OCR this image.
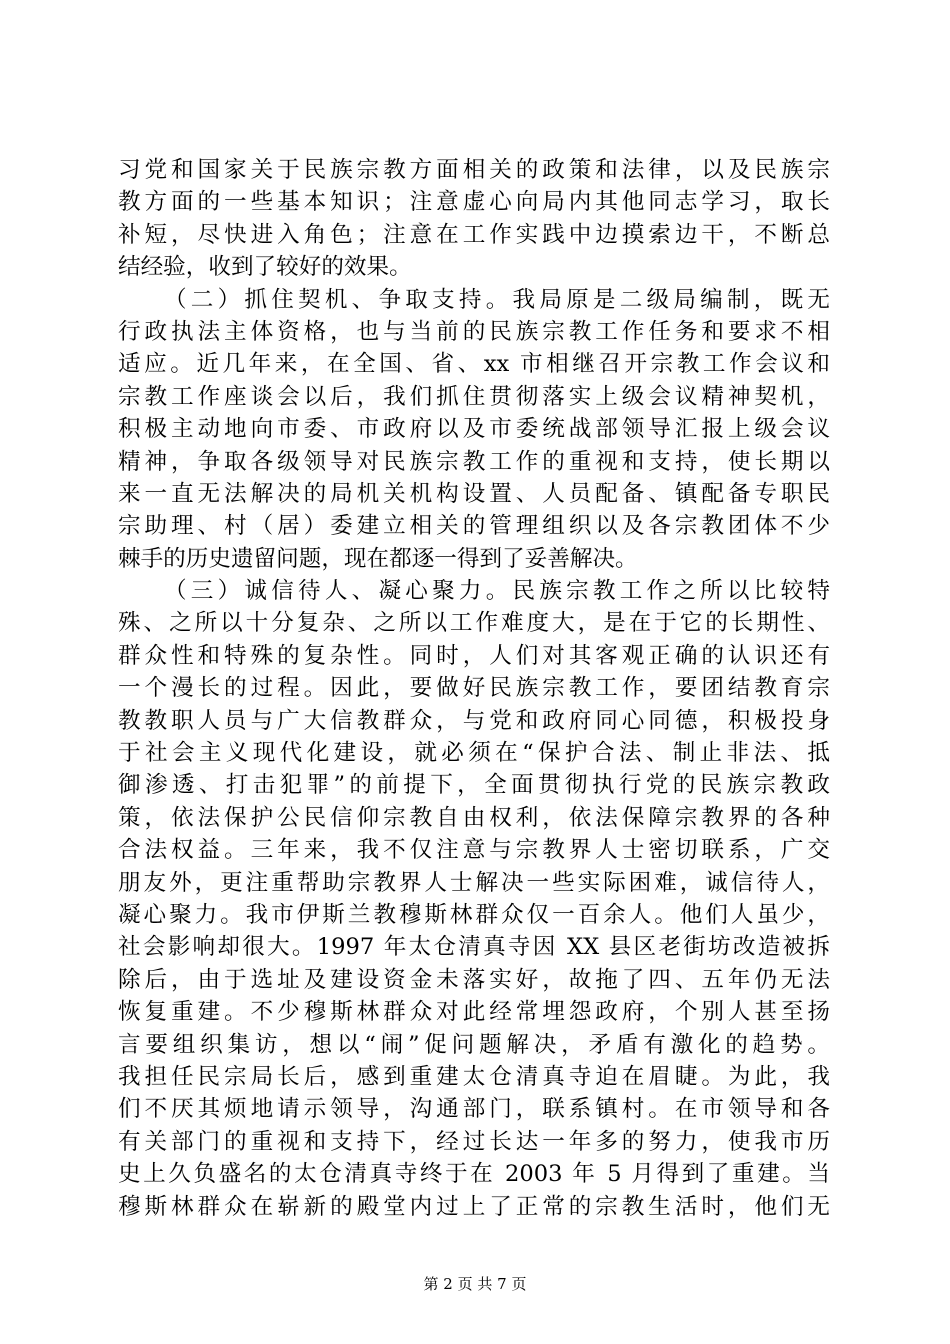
习党和国家关于民族宗教方面相关的政策和法律，以及民族宗
教方面的一些基本知识；注意虚心向局内其他同志学习，取长
补短，尽快进入角色；注意在工作实践中边摸索边干，不断总
结经验，收到了较好的效果。
（二）抓住契机、争取支持。我局原是二级局编制，既无
行政执法主体资格，也与当前的民族宗教工作任务和要求不相
适应。近几年来，在全国、省、xx 市相继召开宗教工作会议和
宗教工作座谈会以后，我们抓住贯彻落实上级会议精神契机，
积极主动地向市委、市政府以及市委统战部领导汇报上级会议
精神，争取各级领导对民族宗教工作的重视和支持，使长期以
来一直无法解决的局机关机构设置、人员配备、镇配备专职民
宗助理、村（居）委建立相关的管理组织以及各宗教团体不少
棘手的历史遗留问题，现在都逐一得到了妥善解决。
（三）诚信待人、凝心聚力。民族宗教工作之所以比较特
殊、之所以十分复杂、之所以工作难度大，是在于它的长期性、
群众性和特殊的复杂性。同时，人们对其客观正确的认识还有
一个漫长的过程。因此，要做好民族宗教工作，要团结教育宗
教教职人员与广大信教群众，与党和政府同心同德，积极投身
于社会主义现代化建设，就必须在“保护合法、制止非法、抵
御渗透、打击犯罪”的前提下，全面贯彻执行党的民族宗教政
策，依法保护公民信仰宗教自由权利，依法保障宗教界的各种
合法权益。三年来，我不仅注意与宗教界人士密切联系，广交
朋友外，更注重帮助宗教界人士解决一些实际困难，诚信待人，
凝心聚力。我市伊斯兰教穆斯林群众仅一百余人。他们人虽少，
社会影响却很大。1997 年太仓清真寺因 XX 县区老街坊改造被拆
除后，由于选址及建设资金未落实好，故拖了四、五年仍无法
恢复重建。不少穆斯林群众对此经常埋怨政府，个别人甚至扬
言要组织集访，想以“闹”促问题解决，矛盾有激化的趋势。
我担任民宗局长后，感到重建太仓清真寺迫在眉睫。为此，我
们不厌其烦地请示领导，沟通部门，联系镇村。在市领导和各
有关部门的重视和支持下，经过长达一年多的努力，使我市历
史上久负盛名的太仓清真寺终于在 2003 年 5 月得到了重建。当
穆斯林群众在崭新的殿堂内过上了正常的宗教生活时，他们无
第 2 页 共 7 页
